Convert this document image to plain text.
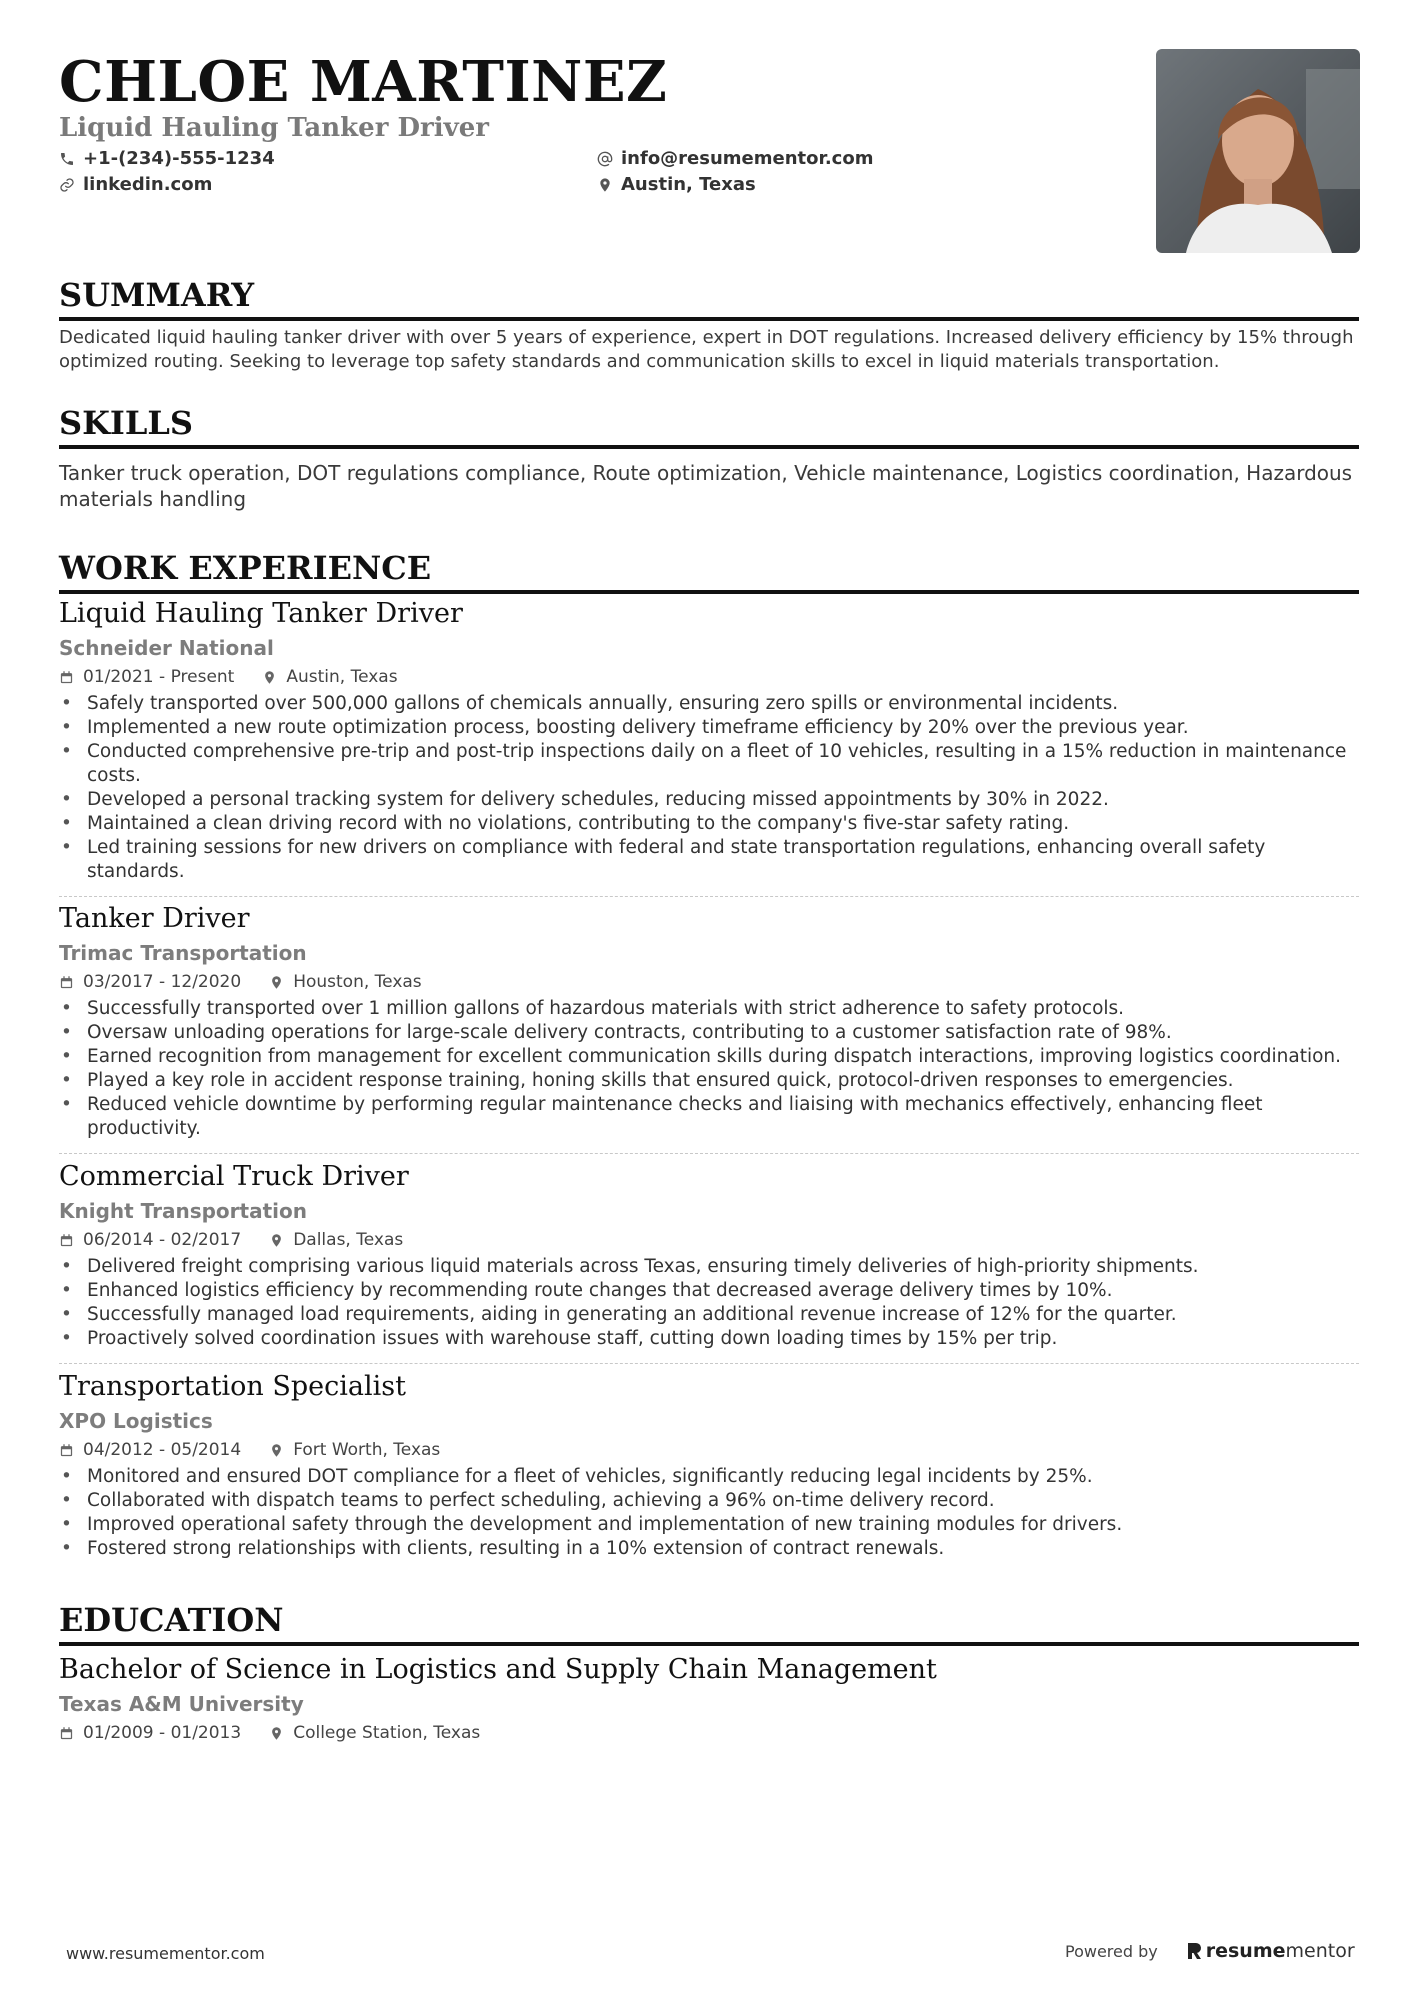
CHLOE MARTINEZ
Liquid Hauling Tanker Driver
+1-(234)-555-1234	info@resumementor.com
linkedin.com	Austin, Texas
SUMMARY
Dedicated liquid hauling tanker driver with over 5 years of experience, expert in DOT regulations. Increased delivery efficiency by 15% through optimized routing. Seeking to leverage top safety standards and communication skills to excel in liquid materials transportation.
SKILLS
Tanker truck operation, DOT regulations compliance, Route optimization, Vehicle maintenance, Logistics coordination, Hazardous materials handling
WORK EXPERIENCE
Liquid Hauling Tanker Driver
Schneider National
01/2021 - Present	Austin, Texas
• Safely transported over 500,000 gallons of chemicals annually, ensuring zero spills or environmental incidents.
• Implemented a new route optimization process, boosting delivery timeframe efficiency by 20% over the previous year.
• Conducted comprehensive pre-trip and post-trip inspections daily on a fleet of 10 vehicles, resulting in a 15% reduction in maintenance costs.
• Developed a personal tracking system for delivery schedules, reducing missed appointments by 30% in 2022.
• Maintained a clean driving record with no violations, contributing to the company's five-star safety rating.
• Led training sessions for new drivers on compliance with federal and state transportation regulations, enhancing overall safety standards.
Tanker Driver
Trimac Transportation
03/2017 - 12/2020	Houston, Texas
• Successfully transported over 1 million gallons of hazardous materials with strict adherence to safety protocols.
• Oversaw unloading operations for large-scale delivery contracts, contributing to a customer satisfaction rate of 98%.
• Earned recognition from management for excellent communication skills during dispatch interactions, improving logistics coordination.
• Played a key role in accident response training, honing skills that ensured quick, protocol-driven responses to emergencies.
• Reduced vehicle downtime by performing regular maintenance checks and liaising with mechanics effectively, enhancing fleet productivity.
Commercial Truck Driver
Knight Transportation
06/2014 - 02/2017	Dallas, Texas
• Delivered freight comprising various liquid materials across Texas, ensuring timely deliveries of high-priority shipments.
• Enhanced logistics efficiency by recommending route changes that decreased average delivery times by 10%.
• Successfully managed load requirements, aiding in generating an additional revenue increase of 12% for the quarter.
• Proactively solved coordination issues with warehouse staff, cutting down loading times by 15% per trip.
Transportation Specialist
XPO Logistics
04/2012 - 05/2014	Fort Worth, Texas
• Monitored and ensured DOT compliance for a fleet of vehicles, significantly reducing legal incidents by 25%.
• Collaborated with dispatch teams to perfect scheduling, achieving a 96% on-time delivery record.
• Improved operational safety through the development and implementation of new training modules for drivers.
• Fostered strong relationships with clients, resulting in a 10% extension of contract renewals.
EDUCATION
Bachelor of Science in Logistics and Supply Chain Management
Texas A&M University
01/2009 - 01/2013	College Station, Texas
www.resumementor.com	Powered by	resume mentor
